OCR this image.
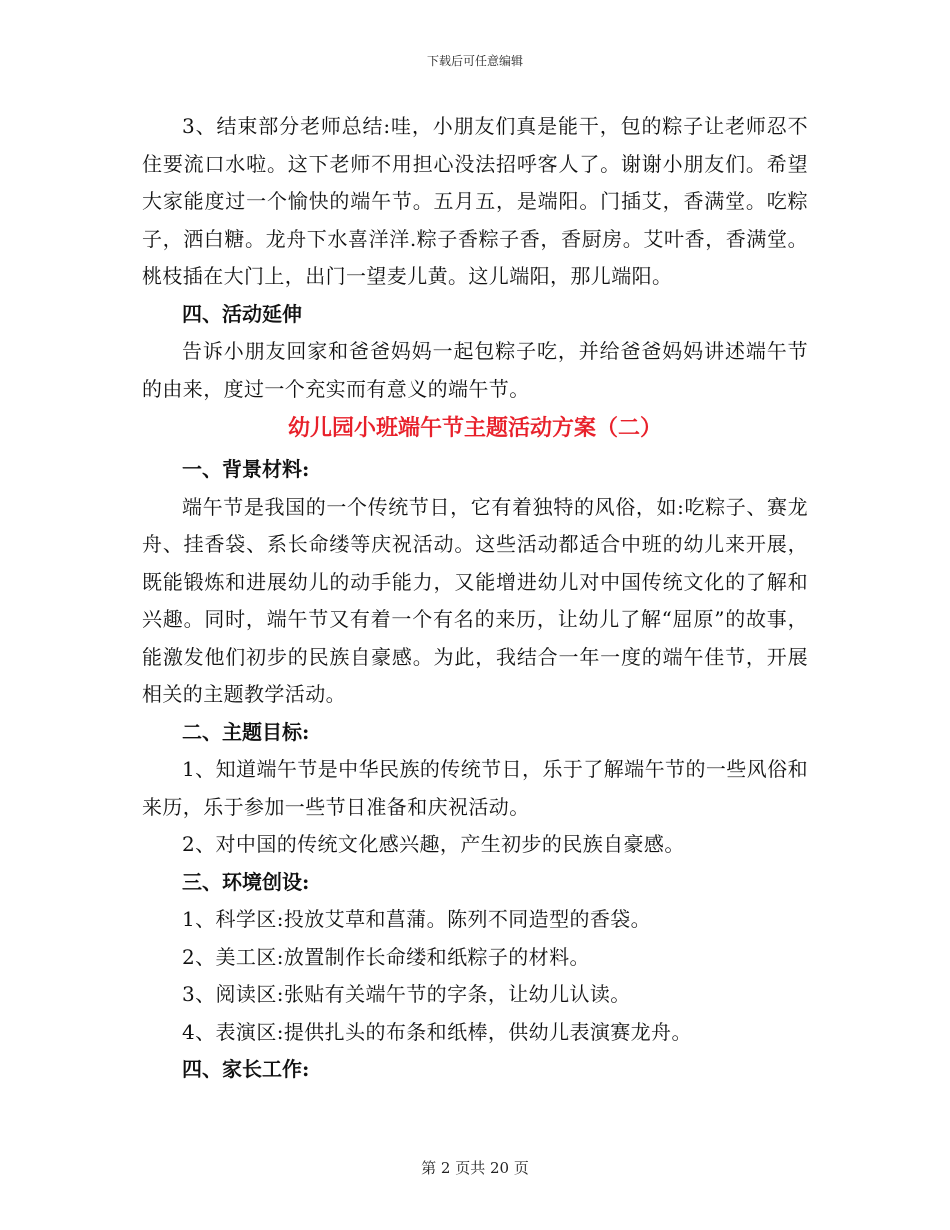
下载后可任意编辑

3、结束部分老师总结:哇，小朋友们真是能干，包的粽子让老师忍不住要流口水啦。这下老师不用担心没法招呼客人了。谢谢小朋友们。希望大家能度过一个愉快的端午节。五月五，是端阳。门插艾，香满堂。吃粽子，洒白糖。龙舟下水喜洋洋.粽子香粽子香，香厨房。艾叶香，香满堂。桃枝插在大门上，出门一望麦儿黄。这儿端阳，那儿端阳。

四、活动延伸

告诉小朋友回家和爸爸妈妈一起包粽子吃，并给爸爸妈妈讲述端午节的由来，度过一个充实而有意义的端午节。

幼儿园小班端午节主题活动方案（二）

一、背景材料:

端午节是我国的一个传统节日，它有着独特的风俗，如:吃粽子、赛龙舟、挂香袋、系长命缕等庆祝活动。这些活动都适合中班的幼儿来开展，既能锻炼和进展幼儿的动手能力，又能增进幼儿对中国传统文化的了解和兴趣。同时，端午节又有着一个有名的来历，让幼儿了解“屈原”的故事，能激发他们初步的民族自豪感。为此，我结合一年一度的端午佳节，开展相关的主题教学活动。

二、主题目标:

1、知道端午节是中华民族的传统节日，乐于了解端午节的一些风俗和来历，乐于参加一些节日准备和庆祝活动。

2、对中国的传统文化感兴趣，产生初步的民族自豪感。

三、环境创设:

1、科学区:投放艾草和菖蒲。陈列不同造型的香袋。

2、美工区:放置制作长命缕和纸粽子的材料。

3、阅读区:张贴有关端午节的字条，让幼儿认读。

4、表演区:提供扎头的布条和纸棒，供幼儿表演赛龙舟。

四、家长工作:

第 2 页共 20 页
